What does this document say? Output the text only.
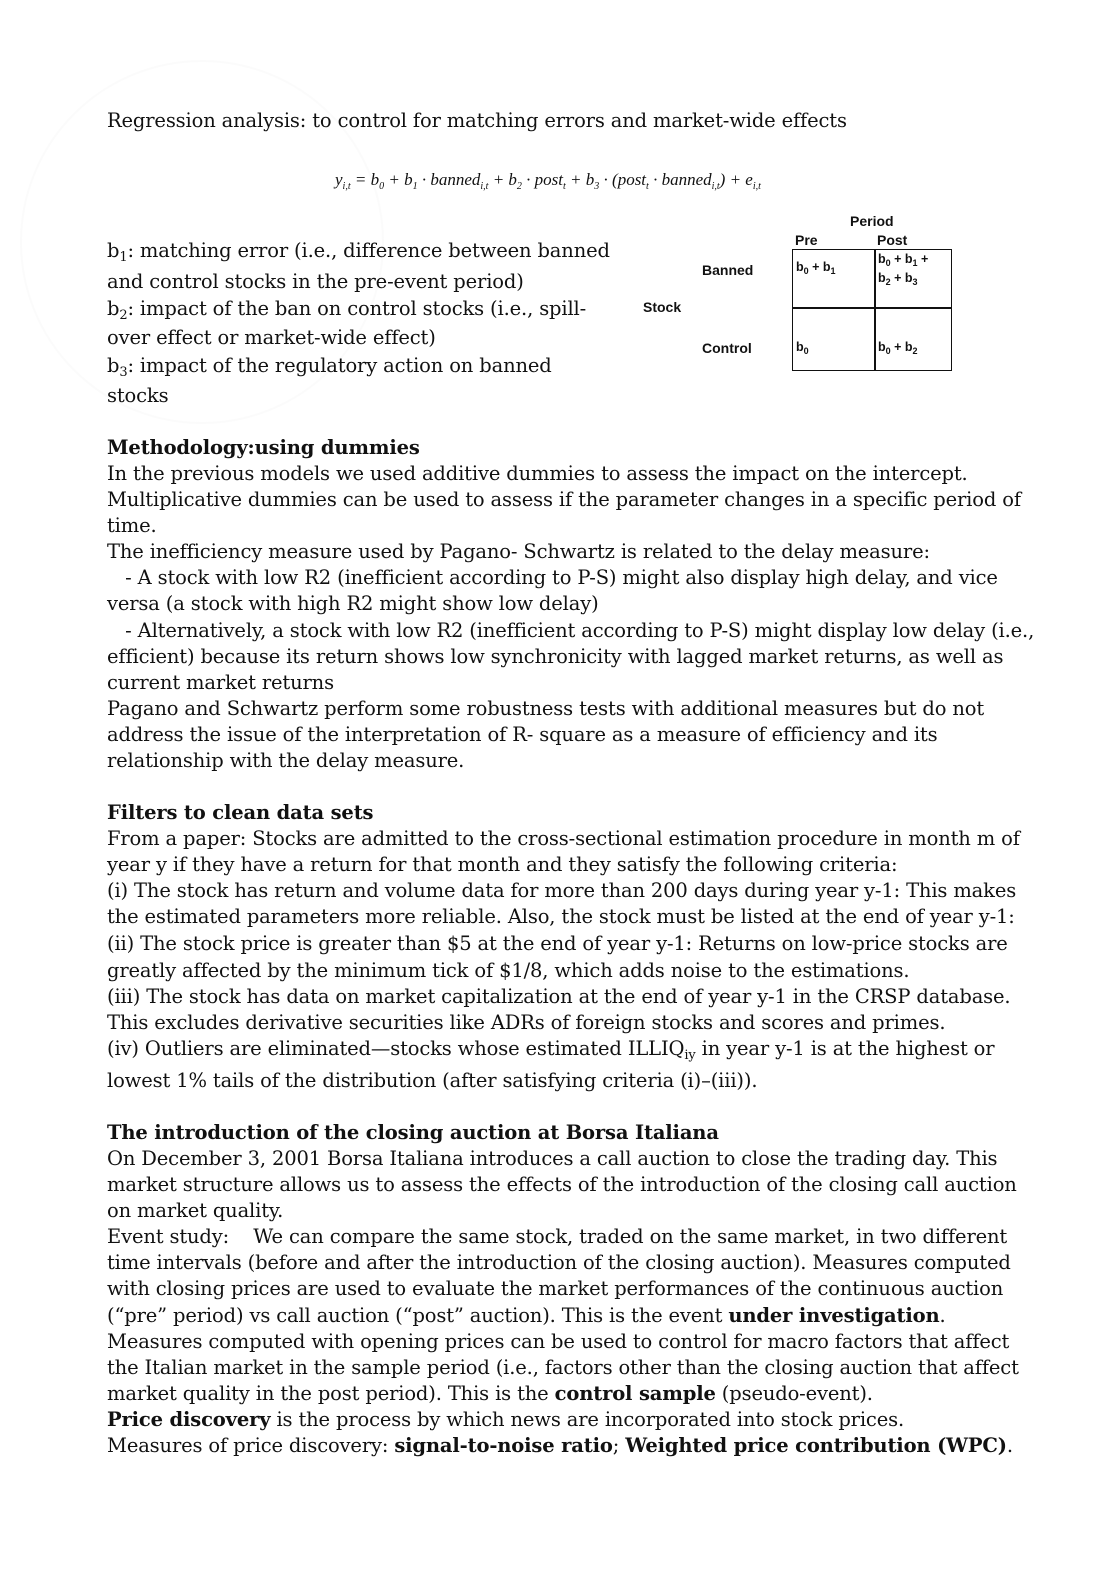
Regression analysis: to control for matching errors and market-wide effects
$y_{i,t} = b_0 + b_1$ · banned$_{i,t}$ + $b_2$ · post$_t$ + $b_3$ · (post$_t$ · banned$_{i,t}$) + $e_{i,t}$
$b_1$: matching error (i.e., difference between banned
and control stocks in the pre-event period)
$b_2$: impact of the ban on control stocks (i.e., spill-
over effect or market-wide effect)
$b_3$: impact of the regulatory action on banned
stocks
Period
Pre	Post
Banned
Stock
Control
$b_0 + b_1$
$b_0 + b_1$ +
$b_2 + b_3$
$b_0$	$b_0 + b_2$
Methodology:using dummies
In the previous models we used additive dummies to assess the impact on the intercept.
Multiplicative dummies can be used to assess if the parameter changes in a specific period of
time.
The inefficiency measure used by Pagano- Schwartz is related to the delay measure:
- A stock with low R2 (inefficient according to P-S) might also display high delay, and vice
versa (a stock with high R2 might show low delay)
- Alternatively, a stock with low R2 (inefficient according to P-S) might display low delay (i.e.,
efficient) because its return shows low synchronicity with lagged market returns, as well as
current market returns
Pagano and Schwartz perform some robustness tests with additional measures but do not
address the issue of the interpretation of R- square as a measure of efficiency and its
relationship with the delay measure.
Filters to clean data sets
From a paper: Stocks are admitted to the cross-sectional estimation procedure in month m of
year y if they have a return for that month and they satisfy the following criteria:
(i) The stock has return and volume data for more than 200 days during year y-1: This makes
the estimated parameters more reliable. Also, the stock must be listed at the end of year y-1:
(ii) The stock price is greater than $5 at the end of year y-1: Returns on low-price stocks are
greatly affected by the minimum tick of $1/8, which adds noise to the estimations.
(iii) The stock has data on market capitalization at the end of year y-1 in the CRSP database.
This excludes derivative securities like ADRs of foreign stocks and scores and primes.
(iv) Outliers are eliminated—stocks whose estimated $ILLIQ_{iy}$ in year y-1 is at the highest or
lowest 1% tails of the distribution (after satisfying criteria (i)–(iii)).
The introduction of the closing auction at Borsa Italiana
On December 3, 2001 Borsa Italiana introduces a call auction to close the trading day. This
market structure allows us to assess the effects of the introduction of the closing call auction
on market quality.
Event study:    We can compare the same stock, traded on the same market, in two different
time intervals (before and after the introduction of the closing auction). Measures computed
with closing prices are used to evaluate the market performances of the continuous auction
(“pre” period) vs call auction (“post” auction). This is the event under investigation.
Measures computed with opening prices can be used to control for macro factors that affect
the Italian market in the sample period (i.e., factors other than the closing auction that affect
market quality in the post period). This is the control sample (pseudo-event).
Price discovery is the process by which news are incorporated into stock prices.
Measures of price discovery: signal-to-noise ratio; Weighted price contribution (WPC).
